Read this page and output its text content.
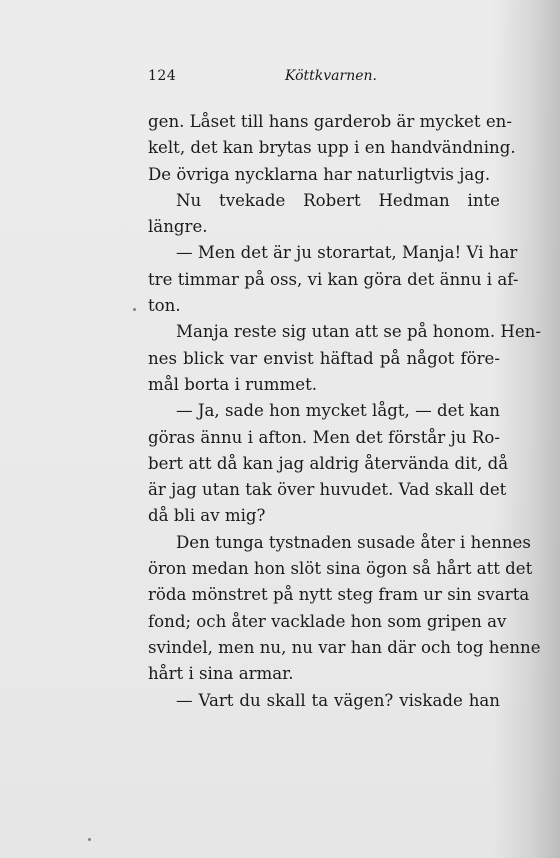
124	Köttkvarnen.
gen. Låset till hans garderob är mycket en-
kelt, det kan brytas upp i en handvändning.
De övriga nycklarna har naturligtvis jag.
Nu tvekade Robert Hedman inte
längre.
— Men det är ju storartat, Manja! Vi har
tre timmar på oss, vi kan göra det ännu i af-
ton.
Manja reste sig utan att se på honom. Hen-
nes blick var envist häftad på något före-
mål borta i rummet.
— Ja, sade hon mycket lågt, — det kan
göras ännu i afton. Men det förstår ju Ro-
bert att då kan jag aldrig återvända dit, då
är jag utan tak över huvudet. Vad skall det
då bli av mig?
Den tunga tystnaden susade åter i hennes
öron medan hon slöt sina ögon så hårt att det
röda mönstret på nytt steg fram ur sin svarta
fond; och åter vacklade hon som gripen av
svindel, men nu, nu var han där och tog henne
hårt i sina armar.
— Vart du skall ta vägen? viskade han
